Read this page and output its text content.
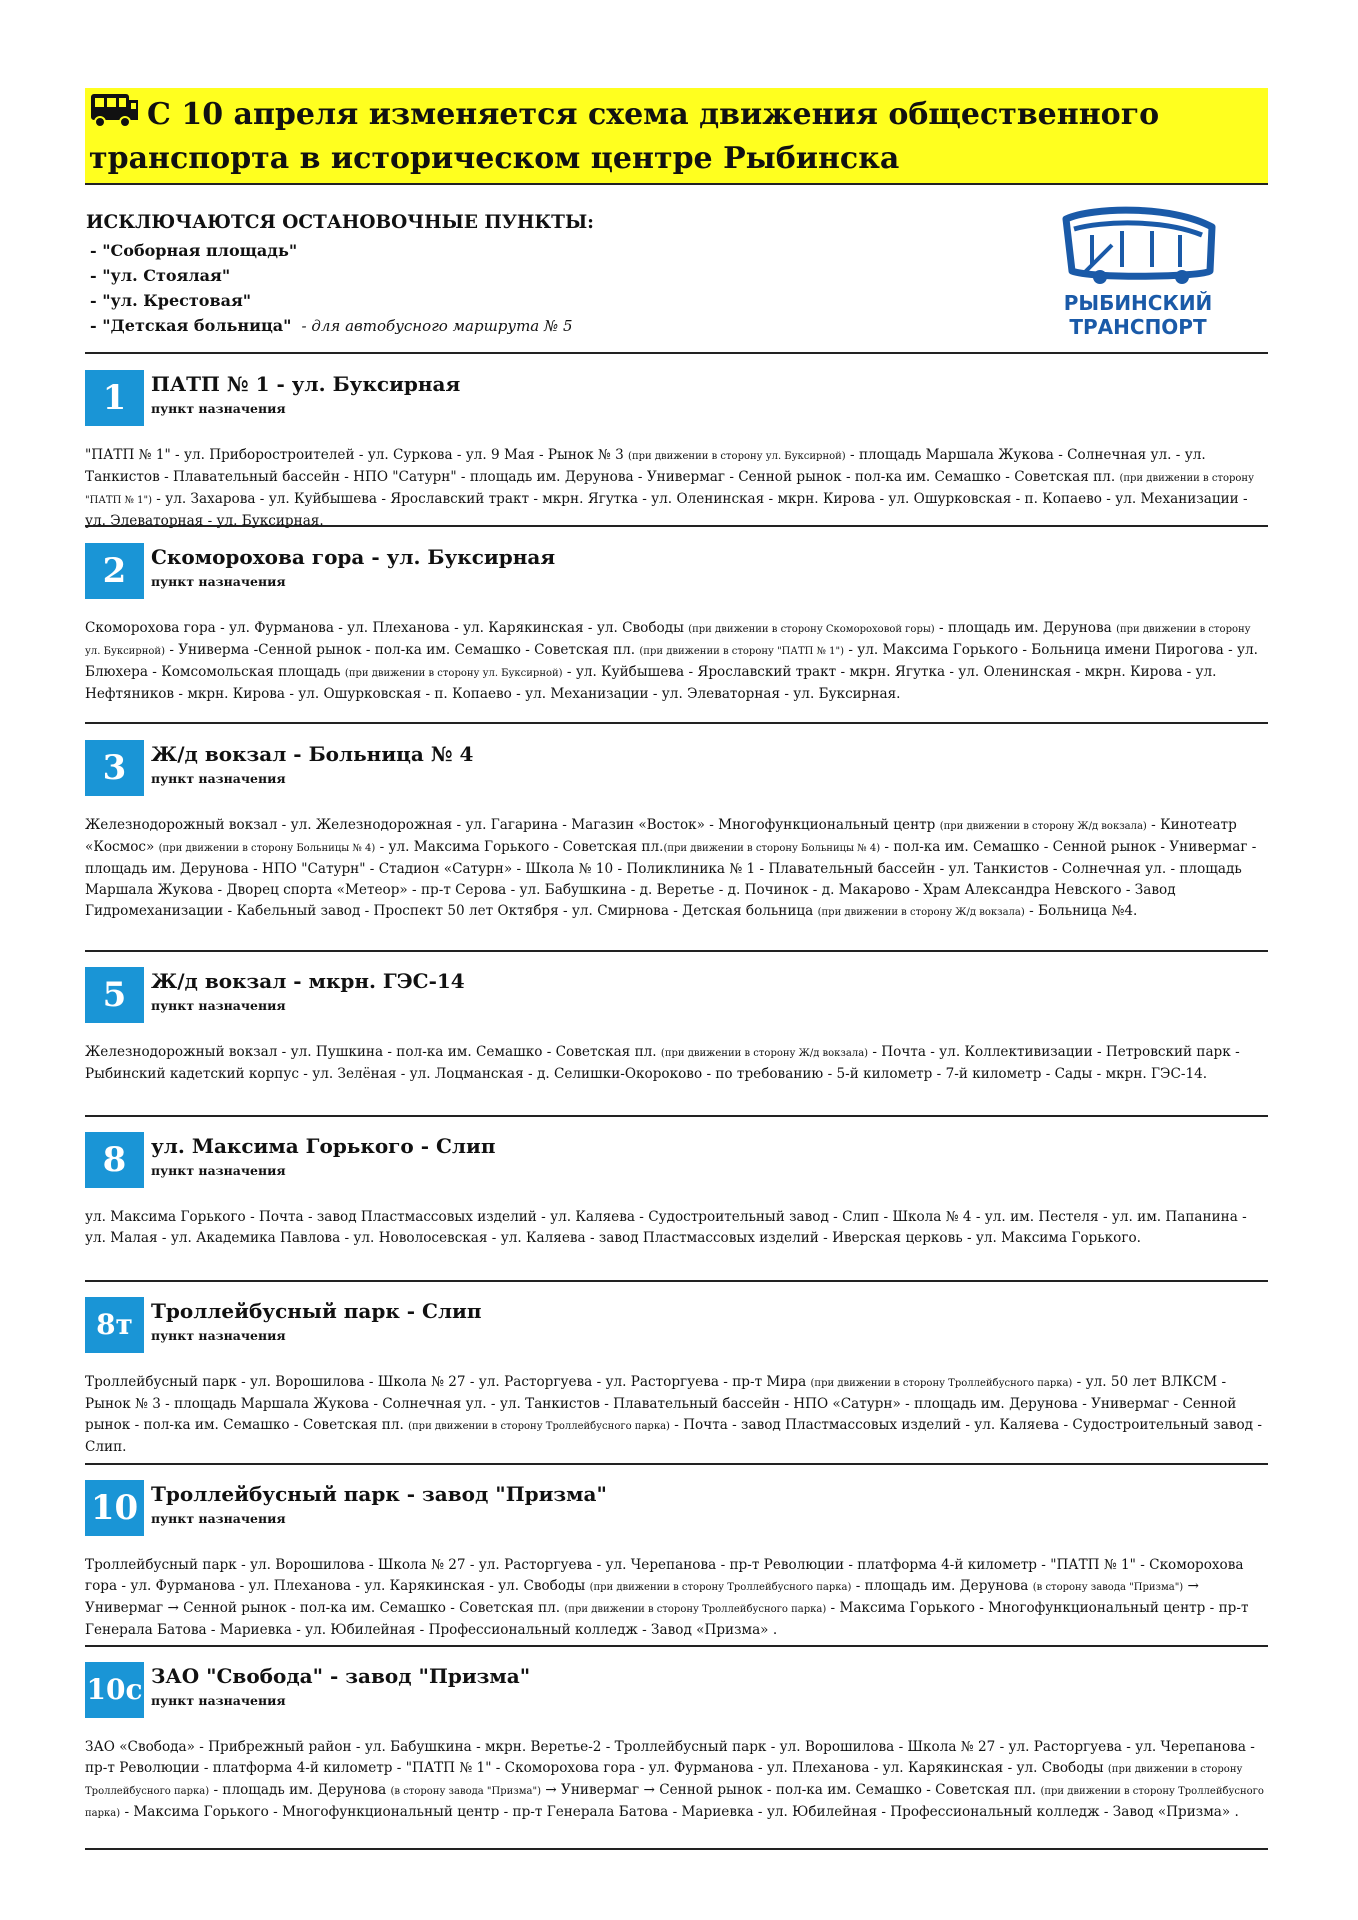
С 10 апреля изменяется схема движения общественного транспорта в историческом центре Рыбинска
ИСКЛЮЧАЮТСЯ ОСТАНОВОЧНЫЕ ПУНКТЫ:
- "Соборная площадь"
- "ул. Стоялая"
- "ул. Крестовая"
- "Детская больница" - для автобусного маршрута № 5
РЫБИНСКИЙ
ТРАНСПОРТ
1	ПАТП № 1 - ул. Буксирная
пункт назначения
"ПАТП № 1" - ул. Приборостроителей - ул. Суркова - ул. 9 Мая - Рынок № 3 (при движении в сторону ул. Буксирной) - площадь Маршала Жукова - Солнечная ул. - ул. Танкистов - Плавательный бассейн - НПО "Сатурн" - площадь им. Дерунова - Универмаг - Сенной рынок - пол-ка им. Семашко - Советская пл. (при движении в сторону "ПАТП № 1") - ул. Захарова - ул. Куйбышева - Ярославский тракт - мкрн. Ягутка - ул. Оленинская - мкрн. Кирова - ул. Ошурковская - п. Копаево - ул. Механизации - ул. Элеваторная - ул. Буксирная.
2	Скоморохова гора - ул. Буксирная
пункт назначения
Скоморохова гора - ул. Фурманова - ул. Плеханова - ул. Карякинская - ул. Свободы (при движении в сторону Скомороховой горы) - площадь им. Дерунова (при движении в сторону ул. Буксирной) - Универма -Сенной рынок - пол-ка им. Семашко - Советская пл. (при движении в сторону "ПАТП № 1") - ул. Максима Горького - Больница имени Пирогова - ул. Блюхера - Комсомольская площадь (при движении в сторону ул. Буксирной) - ул. Куйбышева - Ярославский тракт - мкрн. Ягутка - ул. Оленинская - мкрн. Кирова - ул. Нефтяников - мкрн. Кирова - ул. Ошурковская - п. Копаево - ул. Механизации - ул. Элеваторная - ул. Буксирная.
3	Ж/д вокзал - Больница № 4
пункт назначения
Железнодорожный вокзал - ул. Железнодорожная - ул. Гагарина - Магазин «Восток» - Многофункциональный центр (при движении в сторону Ж/д вокзала) - Кинотеатр «Космос» (при движении в сторону Больницы № 4) - ул. Максима Горького - Советская пл.(при движении в сторону Больницы № 4) - пол-ка им. Семашко - Сенной рынок - Универмаг - площадь им. Дерунова - НПО "Сатурн" - Стадион «Сатурн» - Школа № 10 - Поликлиника № 1 - Плавательный бассейн - ул. Танкистов - Солнечная ул. - площадь Маршала Жукова - Дворец спорта «Метеор» - пр-т Серова - ул. Бабушкина - д. Веретье - д. Починок - д. Макарово - Храм Александра Невского - Завод Гидромеханизации - Кабельный завод - Проспект 50 лет Октября - ул. Смирнова - Детская больница (при движении в сторону Ж/д вокзала) - Больница №4.
5	Ж/д вокзал - мкрн. ГЭС-14
пункт назначения
Железнодорожный вокзал - ул. Пушкина - пол-ка им. Семашко - Советская пл. (при движении в сторону Ж/д вокзала) - Почта - ул. Коллективизации - Петровский парк - Рыбинский кадетский корпус - ул. Зелёная - ул. Лоцманская - д. Селишки-Окороково - по требованию - 5-й километр - 7-й километр - Сады - мкрн. ГЭС-14.
8	ул. Максима Горького - Слип
пункт назначения
ул. Максима Горького - Почта - завод Пластмассовых изделий - ул. Каляева - Судостроительный завод - Слип - Школа № 4 - ул. им. Пестеля - ул. им. Папанина - ул. Малая - ул. Академика Павлова - ул. Новолосевская - ул. Каляева - завод Пластмассовых изделий - Иверская церковь - ул. Максима Горького.
8т Троллейбусный парк - Слип
пункт назначения
Троллейбусный парк - ул. Ворошилова - Школа № 27 - ул. Расторгуева - ул. Расторгуева - пр-т Мира (при движении в сторону Троллейбусного парка) - ул. 50 лет ВЛКСМ - Рынок № 3 - площадь Маршала Жукова - Солнечная ул. - ул. Танкистов - Плавательный бассейн - НПО «Сатурн» - площадь им. Дерунова - Универмаг - Сенной рынок - пол-ка им. Семашко - Советская пл. (при движении в сторону Троллейбусного парка) - Почта - завод Пластмассовых изделий - ул. Каляева - Судостроительный завод - Слип.
10 Троллейбусный парк - завод "Призма"
пункт назначения
Троллейбусный парк - ул. Ворошилова - Школа № 27 - ул. Расторгуева - ул. Черепанова - пр-т Революции - платформа 4-й километр - "ПАТП № 1" - Скоморохова гора - ул. Фурманова - ул. Плеханова - ул. Карякинская - ул. Свободы (при движении в сторону Троллейбусного парка) - площадь им. Дерунова (в сторону завода "Призма") → Универмаг → Сенной рынок - пол-ка им. Семашко - Советская пл. (при движении в сторону Троллейбусного парка) - Максима Горького - Многофункциональный центр - пр-т Генерала Батова - Мариевка - ул. Юбилейная - Профессиональный колледж - Завод «Призма» .
10с ЗАО "Свобода" - завод "Призма"
пункт назначения
ЗАО «Свобода» - Прибрежный район - ул. Бабушкина - мкрн. Веретье-2 - Троллейбусный парк - ул. Ворошилова - Школа № 27 - ул. Расторгуева - ул. Черепанова - пр-т Революции - платформа 4-й километр - "ПАТП № 1" - Скоморохова гора - ул. Фурманова - ул. Плеханова - ул. Карякинская - ул. Свободы (при движении в сторону Троллейбусного парка) - площадь им. Дерунова (в сторону завода "Призма") → Универмаг → Сенной рынок - пол-ка им. Семашко - Советская пл. (при движении в сторону Троллейбусного парка) - Максима Горького - Многофункциональный центр - пр-т Генерала Батова - Мариевка - ул. Юбилейная - Профессиональный колледж - Завод «Призма» .
